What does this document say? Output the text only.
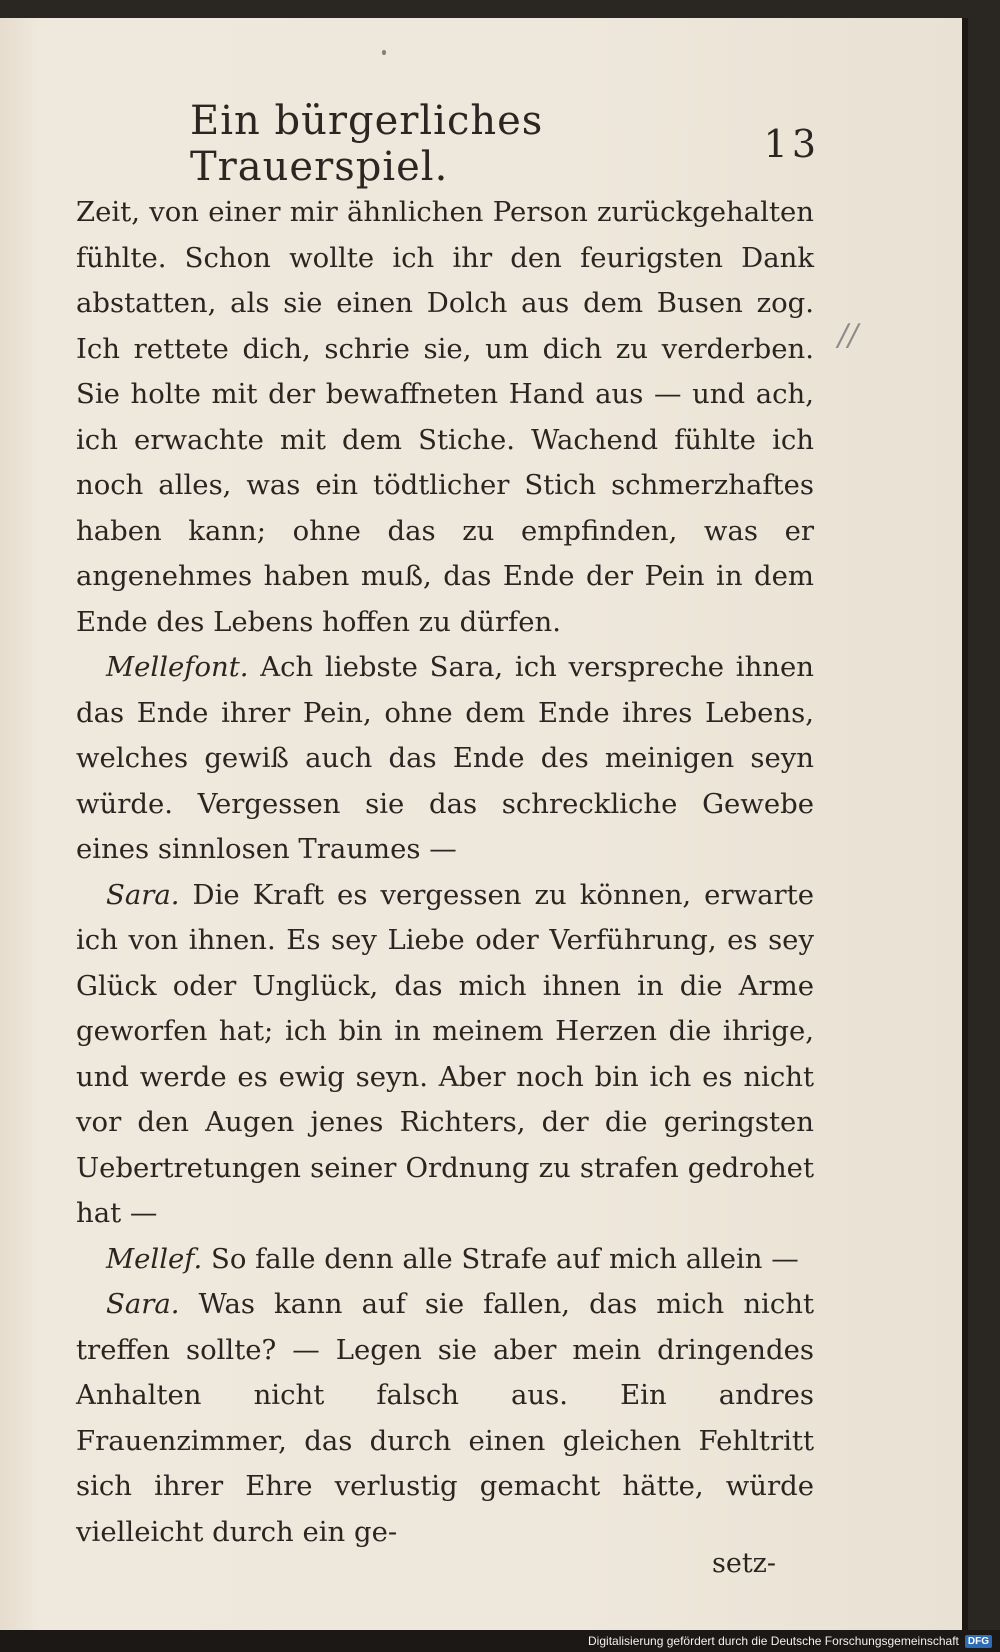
Ein bürgerliches Trauerspiel.	13
//

Zeit, von einer mir ähnlichen Person zurückgehalten fühlte. Schon wollte ich ihr den feurigsten Dank abstatten, als sie einen Dolch aus dem Busen zog. Ich rettete dich, schrie sie, um dich zu verderben. Sie holte mit der bewaffneten Hand aus — und ach, ich erwachte mit dem Stiche. Wachend fühlte ich noch alles, was ein tödtlicher Stich schmerzhaftes haben kann; ohne das zu empfinden, was er angenehmes haben muß, das Ende der Pein in dem Ende des Lebens hoffen zu dürfen.

Mellefont. Ach liebste Sara, ich verspreche ihnen das Ende ihrer Pein, ohne dem Ende ihres Lebens, welches gewiß auch das Ende des meinigen seyn würde. Vergessen sie das schreckliche Gewebe eines sinnlosen Traumes —

Sara. Die Kraft es vergessen zu können, erwarte ich von ihnen. Es sey Liebe oder Verführung, es sey Glück oder Unglück, das mich ihnen in die Arme geworfen hat; ich bin in meinem Herzen die ihrige, und werde es ewig seyn. Aber noch bin ich es nicht vor den Augen jenes Richters, der die geringsten Uebertretungen seiner Ordnung zu strafen gedrohet hat —

Mellef. So falle denn alle Strafe auf mich allein —

Sara. Was kann auf sie fallen, das mich nicht treffen sollte? — Legen sie aber mein dringendes Anhalten nicht falsch aus. Ein andres Frauenzimmer, das durch einen gleichen Fehltritt sich ihrer Ehre verlustig gemacht hätte, würde vielleicht durch ein ge-

setz-
Digitalisierung gefördert durch die Deutsche Forschungsgemeinschaft DFG
